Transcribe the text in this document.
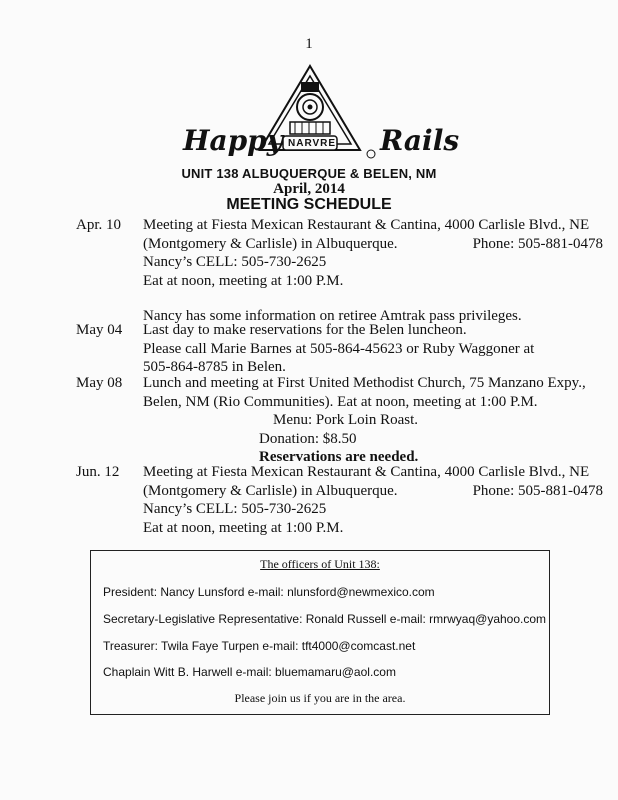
1
Happy NARVRE Rails
UNIT 138 ALBUQUERQUE & BELEN, NM
April, 2014
MEETING SCHEDULE
Apr. 10 Meeting at Fiesta Mexican Restaurant & Cantina, 4000 Carlisle Blvd., NE
(Montgomery & Carlisle) in Albuquerque.	Phone: 505-881-0478
Nancy’s CELL: 505-730-2625
Eat at noon, meeting at 1:00 P.M.
Nancy has some information on retiree Amtrak pass privileges.
May 04 Last day to make reservations for the Belen luncheon.
Please call Marie Barnes at 505-864-45623 or Ruby Waggoner at
505-864-8785 in Belen.
May 08 Lunch and meeting at First United Methodist Church, 75 Manzano Expy.,
Belen, NM (Rio Communities). Eat at noon, meeting at 1:00 P.M.
Menu: Pork Loin Roast.
Donation: $8.50
Reservations are needed.
Jun. 12 Meeting at Fiesta Mexican Restaurant & Cantina, 4000 Carlisle Blvd., NE
(Montgomery & Carlisle) in Albuquerque.	Phone: 505-881-0478
Nancy’s CELL: 505-730-2625
Eat at noon, meeting at 1:00 P.M.
The officers of Unit 138:
President: Nancy Lunsford e-mail: nlunsford@newmexico.com
Secretary-Legislative Representative: Ronald Russell e-mail: rmrwyaq@yahoo.com
Treasurer: Twila Faye Turpen e-mail: tft4000@comcast.net
Chaplain Witt B. Harwell e-mail: bluemamaru@aol.com
Please join us if you are in the area.
